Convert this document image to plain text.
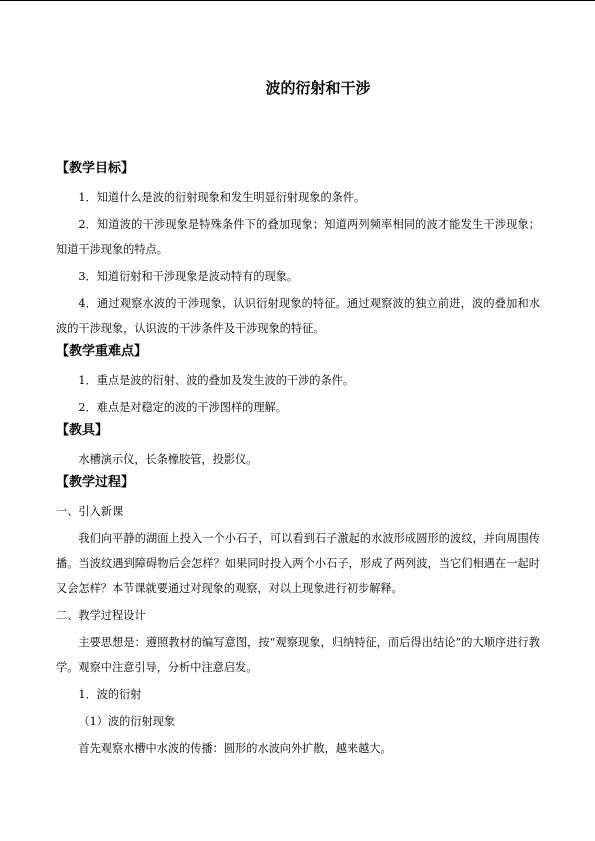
波的衍射和干涉
【教学目标】
1．知道什么是波的衍射现象和发生明显衍射现象的条件。
2．知道波的干涉现象是特殊条件下的叠加现象；知道两列频率相同的波才能发生干涉现象；知道干涉现象的特点。
3．知道衍射和干涉现象是波动特有的现象。
4．通过观察水波的干涉现象，认识衍射现象的特征。通过观察波的独立前进，波的叠加和水波的干涉现象，认识波的干涉条件及干涉现象的特征。
【教学重难点】
1．重点是波的衍射、波的叠加及发生波的干涉的条件。
2．难点是对稳定的波的干涉图样的理解。
【教具】
水槽演示仪，长条橡胶管，投影仪。
【教学过程】
一、引入新课
我们向平静的湖面上投入一个小石子，可以看到石子激起的水波形成圆形的波纹，并向周围传播。当波纹遇到障碍物后会怎样？如果同时投入两个小石子，形成了两列波，当它们相遇在一起时又会怎样？本节课就要通过对现象的观察，对以上现象进行初步解释。
二、教学过程设计
主要思想是：遵照教材的编写意图，按“观察现象，归纳特征，而后得出结论”的大顺序进行教学。观察中注意引导，分析中注意启发。
1．波的衍射
（1）波的衍射现象
首先观察水槽中水波的传播：圆形的水波向外扩散，越来越大。
